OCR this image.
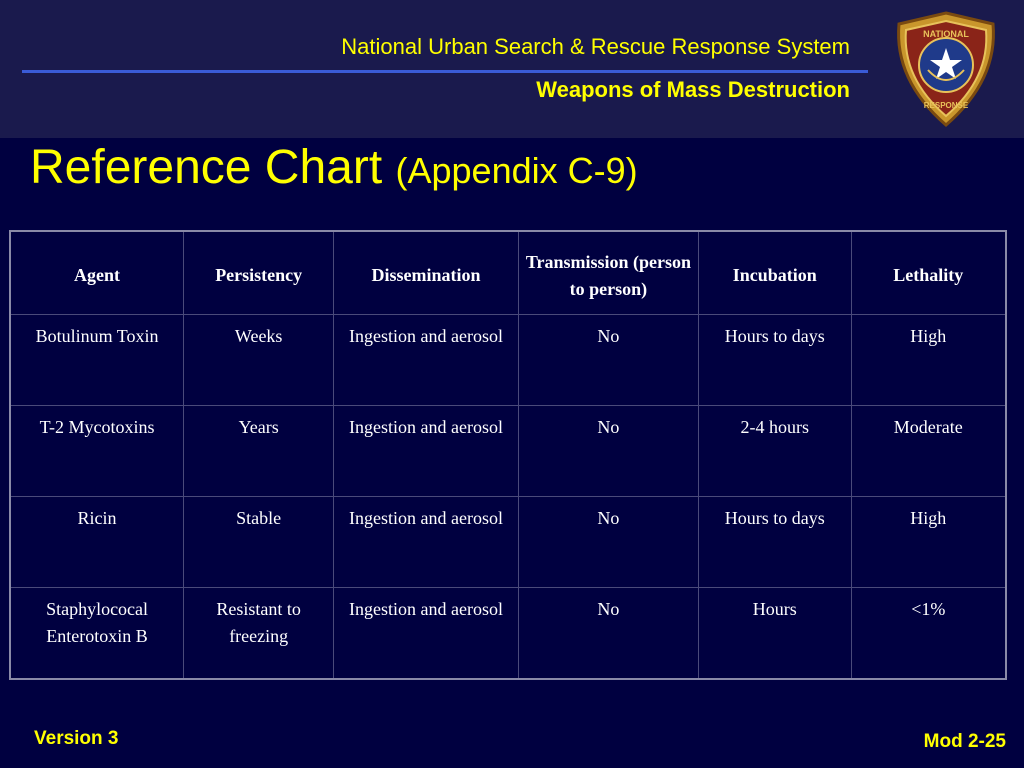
National Urban Search & Rescue Response System
Weapons of Mass Destruction
NATIONAL
RESPONSE
Reference Chart (Appendix C-9)
Agent	Persistency	Dissemination	Transmission (person to person)	Incubation	Lethality
Botulinum Toxin	Weeks	Ingestion and aerosol	No	Hours to days	High
T-2 Mycotoxins	Years	Ingestion and aerosol	No	2-4 hours	Moderate
Ricin	Stable	Ingestion and aerosol	No	Hours to days	High
Staphylococal Enterotoxin B	Resistant to freezing	Ingestion and aerosol	No	Hours	<1%
Version 3	Mod 2-25
